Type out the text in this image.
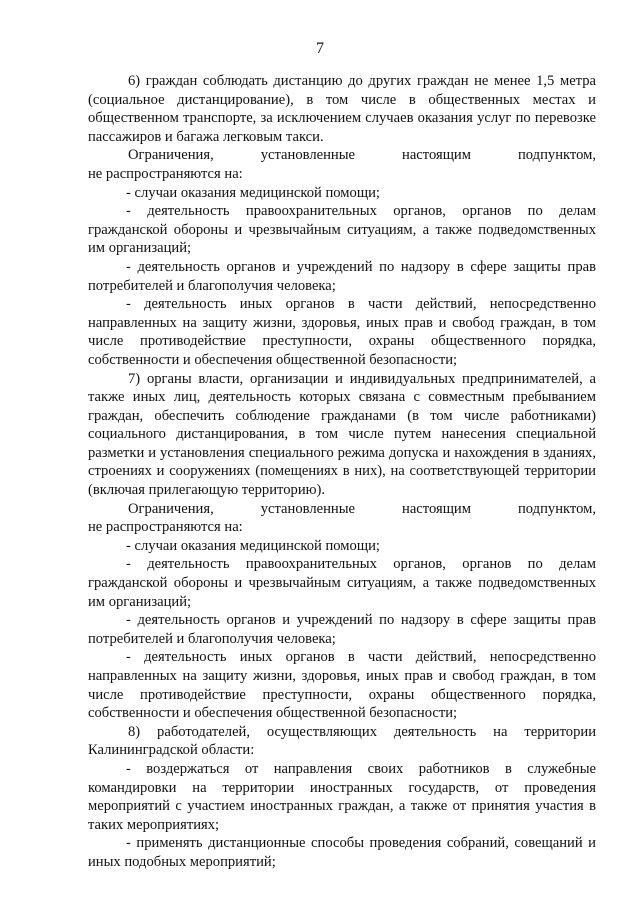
7

6) граждан соблюдать дистанцию до других граждан не менее 1,5 метра (социальное дистанцирование), в том числе в общественных местах и общественном транспорте, за исключением случаев оказания услуг по перевозке пассажиров и багажа легковым такси.

Ограничения, установленные настоящим подпунктом,

не распространяются на:

- случаи оказания медицинской помощи;

- деятельность правоохранительных органов, органов по делам гражданской обороны и чрезвычайным ситуациям, а также подведомственных им организаций;

- деятельность органов и учреждений по надзору в сфере защиты прав потребителей и благополучия человека;

- деятельность иных органов в части действий, непосредственно направленных на защиту жизни, здоровья, иных прав и свобод граждан, в том числе противодействие преступности, охраны общественного порядка, собственности и обеспечения общественной безопасности;

7) органы власти, организации и индивидуальных предпринимателей, а также иных лиц, деятельность которых связана с совместным пребыванием граждан, обеспечить соблюдение гражданами (в том числе работниками) социального дистанцирования, в том числе путем нанесения специальной разметки и установления специального режима допуска и нахождения в зданиях, строениях и сооружениях (помещениях в них), на соответствующей территории (включая прилегающую территорию).

Ограничения, установленные настоящим подпунктом,

не распространяются на:

- случаи оказания медицинской помощи;

- деятельность правоохранительных органов, органов по делам гражданской обороны и чрезвычайным ситуациям, а также подведомственных им организаций;

- деятельность органов и учреждений по надзору в сфере защиты прав потребителей и благополучия человека;

- деятельность иных органов в части действий, непосредственно направленных на защиту жизни, здоровья, иных прав и свобод граждан, в том числе противодействие преступности, охраны общественного порядка, собственности и обеспечения общественной безопасности;

8) работодателей, осуществляющих деятельность на территории Калининградской области:

- воздержаться от направления своих работников в служебные командировки на территории иностранных государств, от проведения мероприятий с участием иностранных граждан, а также от принятия участия в таких мероприятиях;

- применять дистанционные способы проведения собраний, совещаний и иных подобных мероприятий;
